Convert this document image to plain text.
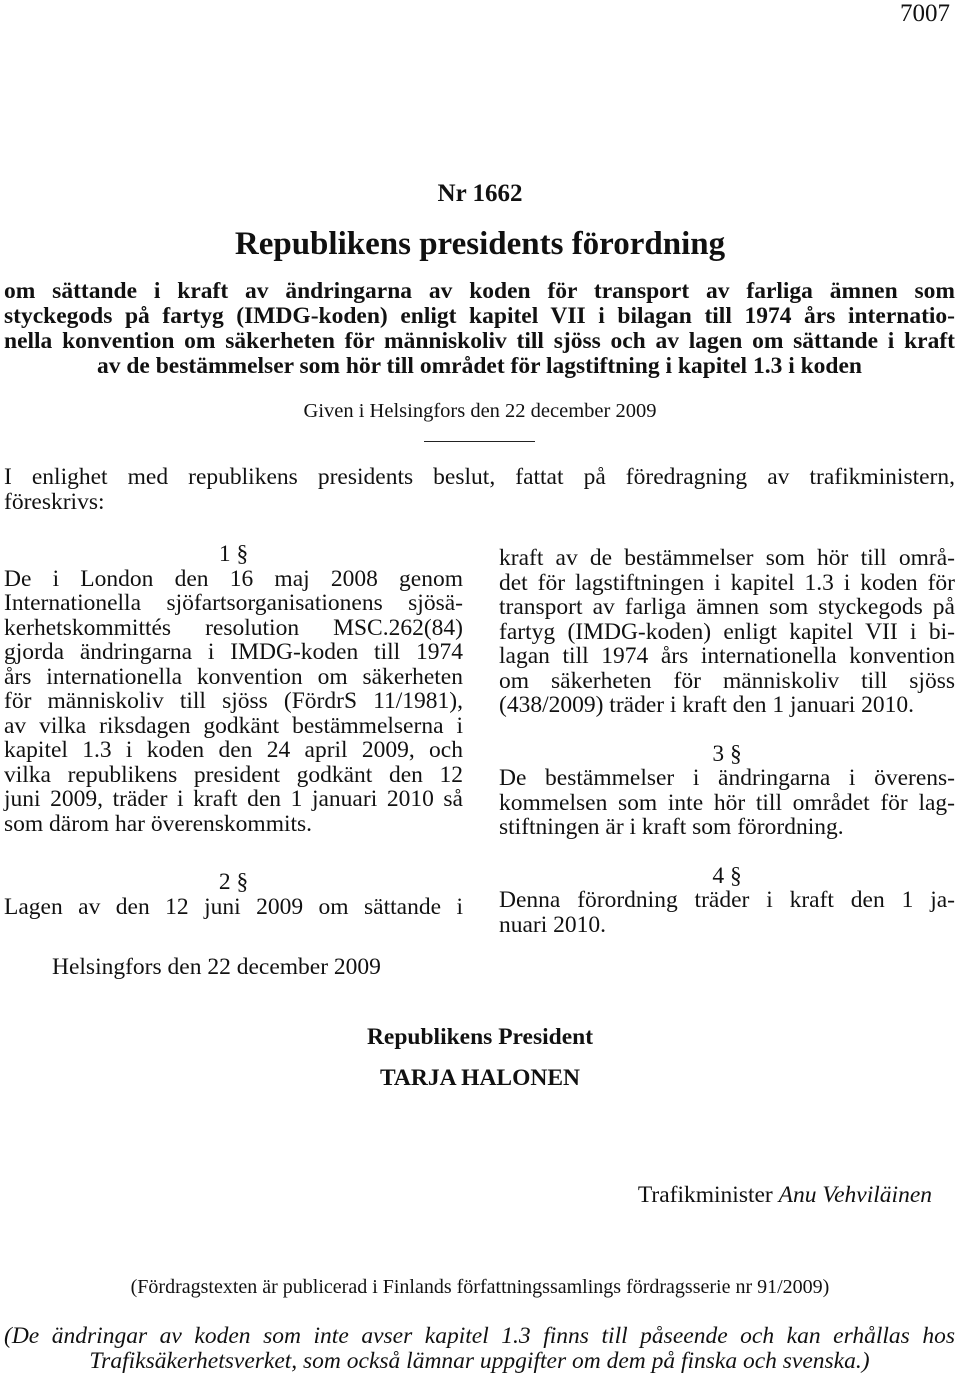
7007
Nr 1662
Republikens presidents förordning
om sättande i kraft av ändringarna av koden för transport av farliga ämnen som
styckegods på fartyg (IMDG-koden) enligt kapitel VII i bilagan till 1974 års internatio-
nella konvention om säkerheten för människoliv till sjöss och av lagen om sättande i kraft
av de bestämmelser som hör till området för lagstiftning i kapitel 1.3 i koden
Given i Helsingfors den 22 december 2009
I enlighet med republikens presidents beslut, fattat på föredragning av trafikministern,
föreskrivs:
1 §
De i London den 16 maj 2008 genom
Internationella sjöfartsorganisationens sjösä-
kerhetskommittés resolution MSC.262(84)
gjorda ändringarna i IMDG-koden till 1974
års internationella konvention om säkerheten
för människoliv till sjöss (FördrS 11/1981),
av vilka riksdagen godkänt bestämmelserna i
kapitel 1.3 i koden den 24 april 2009, och
vilka republikens president godkänt den 12
juni 2009, träder i kraft den 1 januari 2010 så
som därom har överenskommits.
2 §
Lagen av den 12 juni 2009 om sättande i
kraft av de bestämmelser som hör till områ-
det för lagstiftningen i kapitel 1.3 i koden för
transport av farliga ämnen som styckegods på
fartyg (IMDG-koden) enligt kapitel VII i bi-
lagan till 1974 års internationella konvention
om säkerheten för människoliv till sjöss
(438/2009) träder i kraft den 1 januari 2010.
3 §
De bestämmelser i ändringarna i överens-
kommelsen som inte hör till området för lag-
stiftningen är i kraft som förordning.
4 §
Denna förordning träder i kraft den 1 ja-
nuari 2010.
Helsingfors den 22 december 2009
Republikens President
TARJA HALONEN
Trafikminister Anu Vehviläinen
(Fördragstexten är publicerad i Finlands författningssamlings fördragsserie nr 91/2009)
(De ändringar av koden som inte avser kapitel 1.3 finns till påseende och kan erhållas hos
Trafiksäkerhetsverket, som också lämnar uppgifter om dem på finska och svenska.)
